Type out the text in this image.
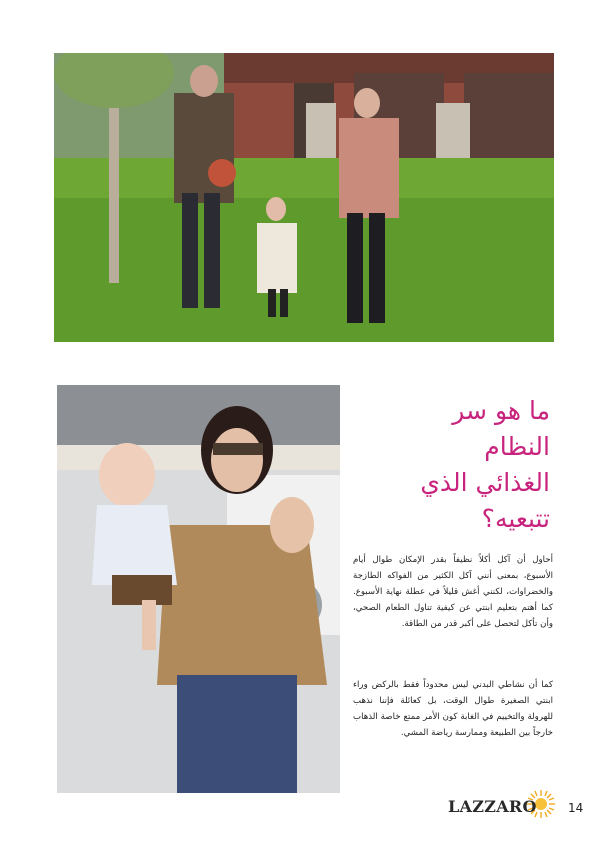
ما هو سر
النظام
الغذائي الذي
تتبعيه؟

أحاول أن آكل أكلاً نظيفاً بقدر الإمكان طوال أيام الأسبوع، بمعنى أنني آكل الكثير من الفواكه الطازجة والخضراوات، لكنني أغش قليلاً في عطلة نهاية الأسبوع. كما أهتم بتعليم ابنتي عن كيفية تناول الطعام الصحي، وأن تأكل لتحصل على أكبر قدر من الطاقة.

كما أن نشاطي البدني ليس محدوداً فقط بالركض وراء ابنتي الصغيرة طوال الوقت، بل كعائلة فإننا نذهب للهرولة والتخييم في الغابة كون الأمر ممتع خاصة الذهاب خارجاً بين الطبيعة وممارسة رياضة المشي.

LAZZARO	14
